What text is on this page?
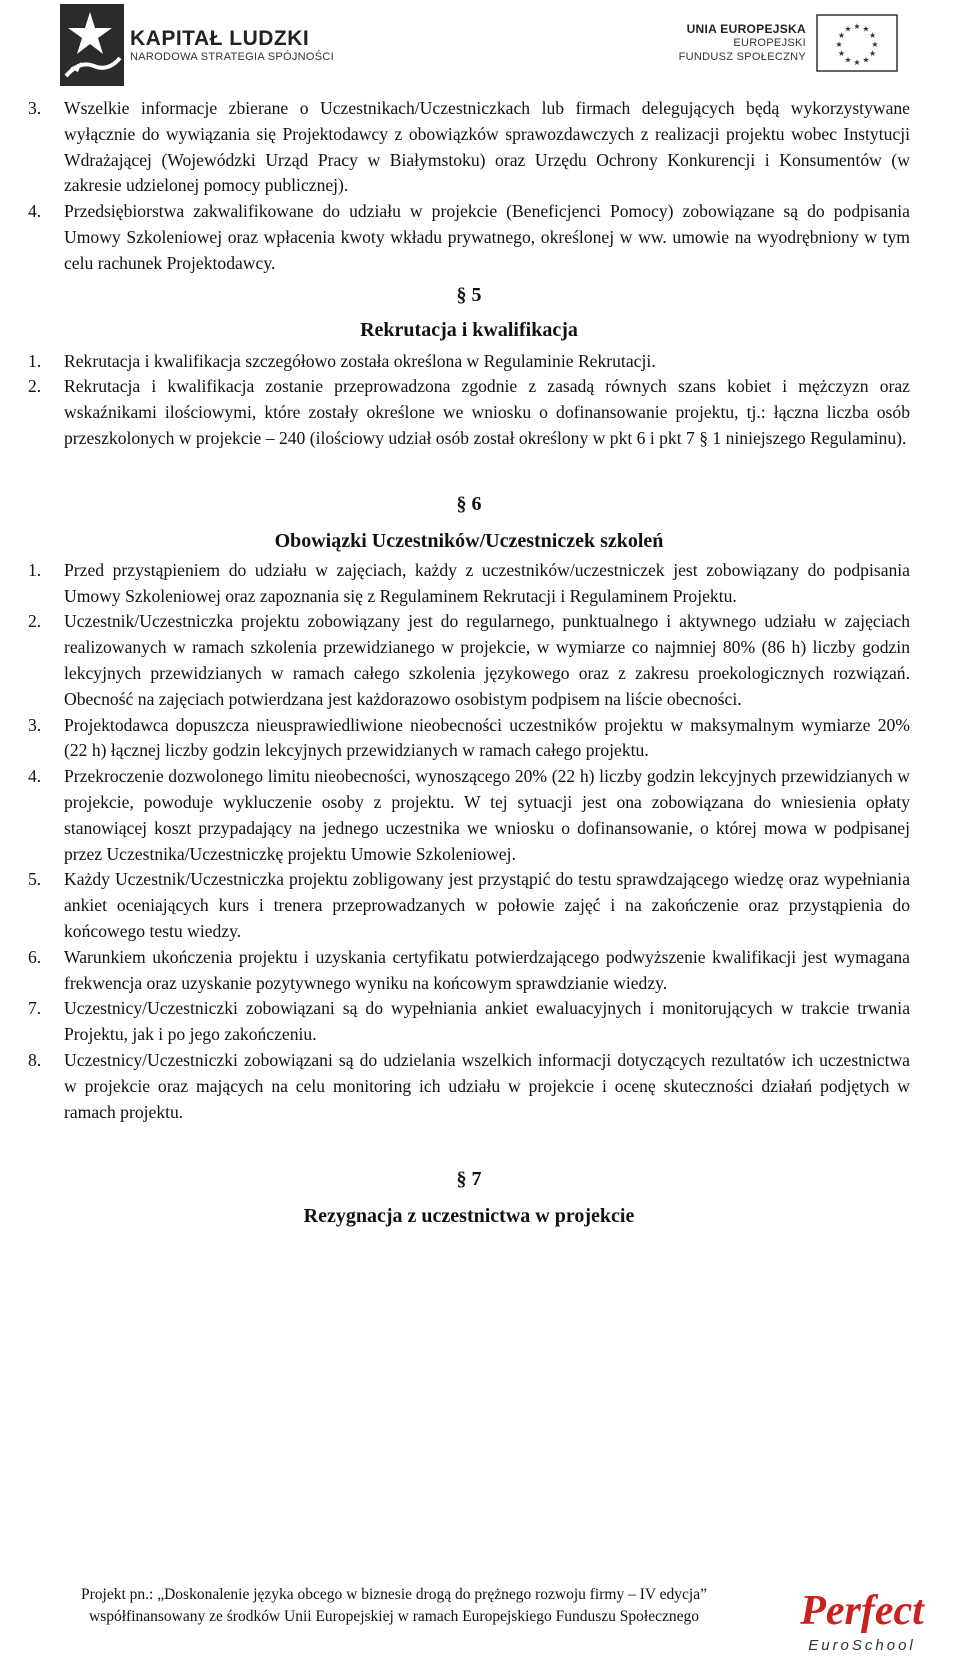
KAPITAŁ LUDZKI
NARODOWA STRATEGIA SPÓJNOŚCI
UNIA EUROPEJSKA
EUROPEJSKI
FUNDUSZ SPOŁECZNY
★
★
★
★
★
★
★
★
★ ★ ★
★
3.	Wszelkie informacje zbierane o Uczestnikach/Uczestniczkach lub firmach delegujących będą wykorzystywane wyłącznie do wywiązania się Projektodawcy z obowiązków sprawozdawczych z realizacji projektu wobec Instytucji Wdrażającej (Wojewódzki Urząd Pracy w Białymstoku) oraz Urzędu Ochrony Konkurencji i Konsumentów (w zakresie udzielonej pomocy publicznej).
4.	Przedsiębiorstwa zakwalifikowane do udziału w projekcie (Beneficjenci Pomocy) zobowiązane są do podpisania Umowy Szkoleniowej oraz wpłacenia kwoty wkładu prywatnego, określonej w ww. umowie na wyodrębniony w tym celu rachunek Projektodawcy.
§ 5
Rekrutacja i kwalifikacja
1.	Rekrutacja i kwalifikacja szczegółowo została określona w Regulaminie Rekrutacji.
2.	Rekrutacja i kwalifikacja zostanie przeprowadzona zgodnie z zasadą równych szans kobiet i mężczyzn oraz wskaźnikami ilościowymi, które zostały określone we wniosku o dofinansowanie projektu, tj.: łączna liczba osób przeszkolonych w projekcie – 240 (ilościowy udział osób został określony w pkt 6 i pkt 7 § 1 niniejszego Regulaminu).
§ 6
Obowiązki Uczestników/Uczestniczek szkoleń
1.	Przed przystąpieniem do udziału w zajęciach, każdy z uczestników/uczestniczek jest zobowiązany do podpisania Umowy Szkoleniowej oraz zapoznania się z Regulaminem Rekrutacji i Regulaminem Projektu.
2.	Uczestnik/Uczestniczka projektu zobowiązany jest do regularnego, punktualnego i aktywnego udziału w zajęciach realizowanych w ramach szkolenia przewidzianego w projekcie, w wymiarze co najmniej 80% (86 h) liczby godzin lekcyjnych przewidzianych w ramach całego szkolenia językowego oraz z zakresu proekologicznych rozwiązań. Obecność na zajęciach potwierdzana jest każdorazowo osobistym podpisem na liście obecności.
3.	Projektodawca dopuszcza nieusprawiedliwione nieobecności uczestników projektu w maksymalnym wymiarze 20% (22 h) łącznej liczby godzin lekcyjnych przewidzianych w ramach całego projektu.
4.	Przekroczenie dozwolonego limitu nieobecności, wynoszącego 20% (22 h) liczby godzin lekcyjnych przewidzianych w projekcie, powoduje wykluczenie osoby z projektu. W tej sytuacji jest ona zobowiązana do wniesienia opłaty stanowiącej koszt przypadający na jednego uczestnika we wniosku o dofinansowanie, o której mowa w podpisanej przez Uczestnika/Uczestniczkę projektu Umowie Szkoleniowej.
5.	Każdy Uczestnik/Uczestniczka projektu zobligowany jest przystąpić do testu sprawdzającego wiedzę oraz wypełniania ankiet oceniających kurs i trenera przeprowadzanych w połowie zajęć i na zakończenie oraz przystąpienia do końcowego testu wiedzy.
6.	Warunkiem ukończenia projektu i uzyskania certyfikatu potwierdzającego podwyższenie kwalifikacji jest wymagana frekwencja oraz uzyskanie pozytywnego wyniku na końcowym sprawdzianie wiedzy.
7.	Uczestnicy/Uczestniczki zobowiązani są do wypełniania ankiet ewaluacyjnych i monitorujących w trakcie trwania Projektu, jak i po jego zakończeniu.
8.	Uczestnicy/Uczestniczki zobowiązani są do udzielania wszelkich informacji dotyczących rezultatów ich uczestnictwa w projekcie oraz mających na celu monitoring ich udziału w projekcie i ocenę skuteczności działań podjętych w ramach projektu.
§ 7
Rezygnacja z uczestnictwa w projekcie
Projekt pn.: „Doskonalenie języka obcego w biznesie drogą do prężnego rozwoju firmy – IV edycja”
współfinansowany ze środków Unii Europejskiej w ramach Europejskiego Funduszu Społecznego	Perfect
EuroSchool
